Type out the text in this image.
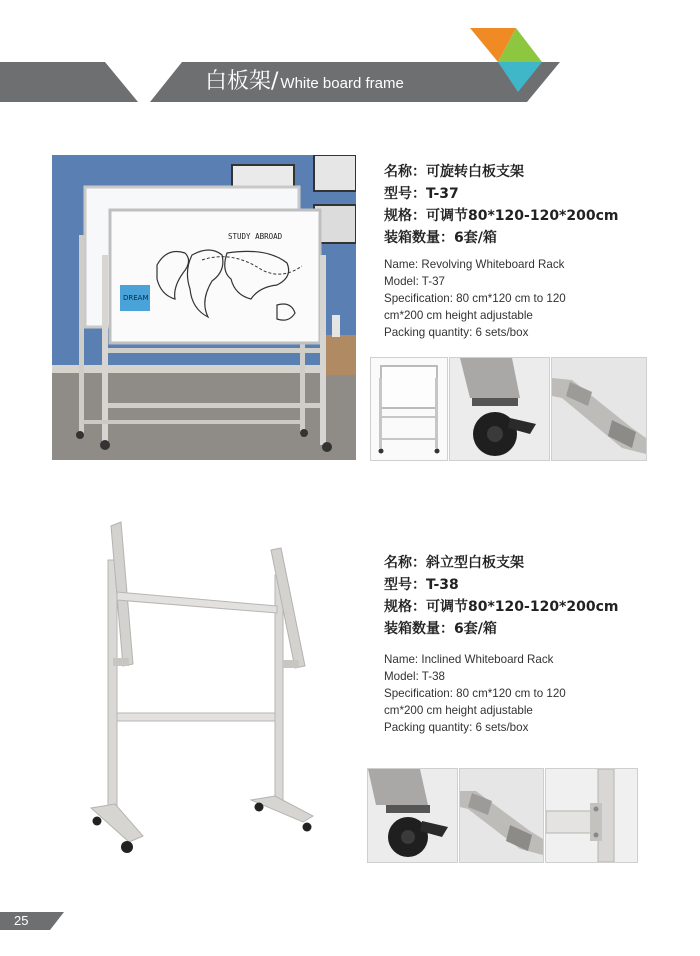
白板架/ White board frame
STUDY ABROAD
DREAM
名称：可旋转白板支架
型号：T-37
规格：可调节80*120-120*200cm
装箱数量：6套/箱
Name: Revolving Whiteboard Rack
Model: T-37
Specification: 80 cm*120 cm to 120
cm*200 cm height adjustable
Packing quantity: 6 sets/box
名称：斜立型白板支架
型号：T-38
规格：可调节80*120-120*200cm
装箱数量：6套/箱
Name: Inclined Whiteboard Rack
Model: T-38
Specification: 80 cm*120 cm to 120
cm*200 cm height adjustable
Packing quantity: 6 sets/box
25
